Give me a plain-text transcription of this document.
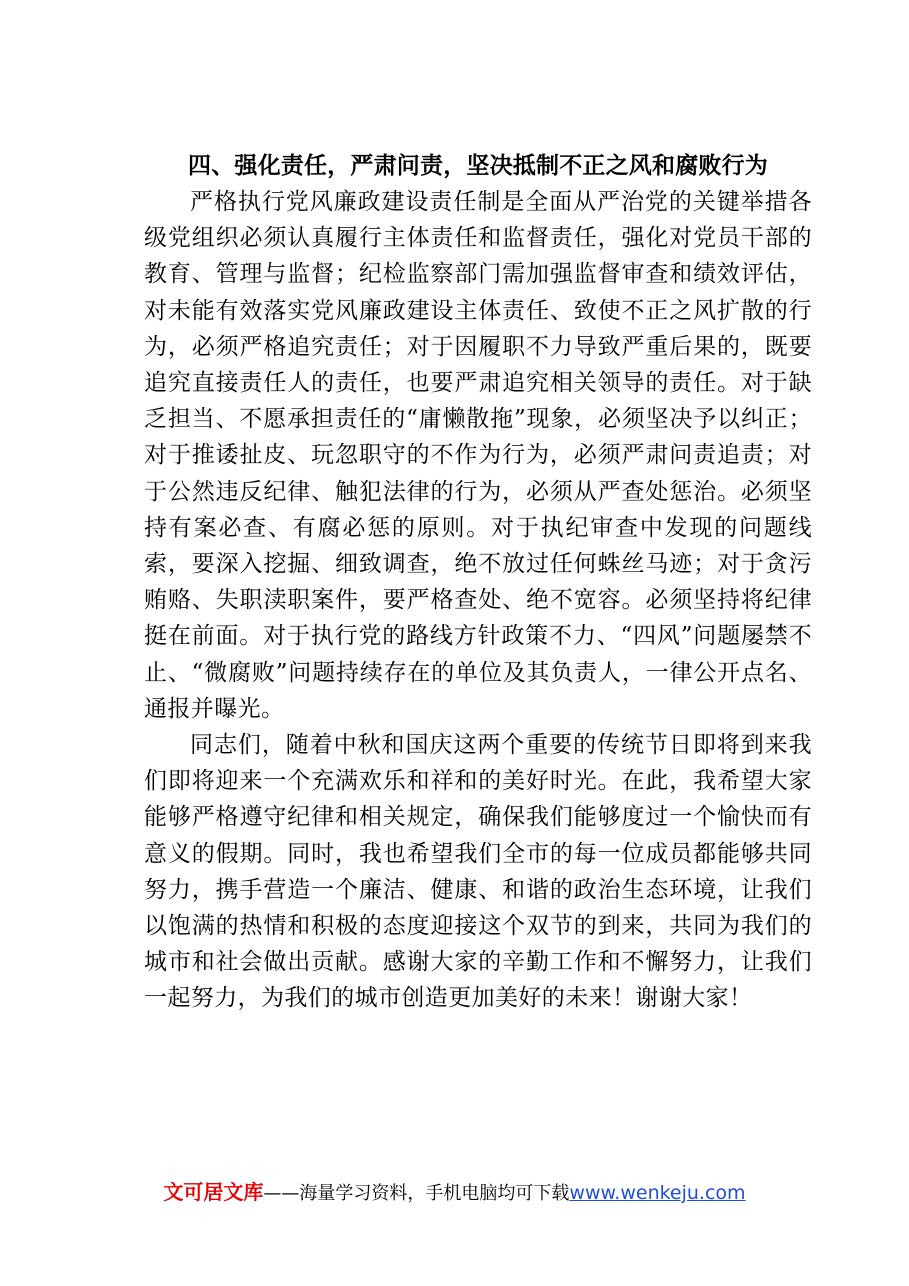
四、强化责任，严肃问责，坚决抵制不正之风和腐败行为

严格执行党风廉政建设责任制是全面从严治党的关键举措各级党组织必须认真履行主体责任和监督责任，强化对党员干部的教育、管理与监督；纪检监察部门需加强监督审查和绩效评估，对未能有效落实党风廉政建设主体责任、致使不正之风扩散的行为，必须严格追究责任；对于因履职不力导致严重后果的，既要追究直接责任人的责任，也要严肃追究相关领导的责任。对于缺乏担当、不愿承担责任的“庸懒散拖”现象，必须坚决予以纠正；对于推诿扯皮、玩忽职守的不作为行为，必须严肃问责追责；对于公然违反纪律、触犯法律的行为，必须从严查处惩治。必须坚持有案必查、有腐必惩的原则。对于执纪审查中发现的问题线索，要深入挖掘、细致调查，绝不放过任何蛛丝马迹；对于贪污贿赂、失职渎职案件，要严格查处、绝不宽容。必须坚持将纪律挺在前面。对于执行党的路线方针政策不力、“四风”问题屡禁不止、“微腐败”问题持续存在的单位及其负责人，一律公开点名、通报并曝光。

同志们，随着中秋和国庆这两个重要的传统节日即将到来我们即将迎来一个充满欢乐和祥和的美好时光。在此，我希望大家能够严格遵守纪律和相关规定，确保我们能够度过一个愉快而有意义的假期。同时，我也希望我们全市的每一位成员都能够共同努力，携手营造一个廉洁、健康、和谐的政治生态环境，让我们以饱满的热情和积极的态度迎接这个双节的到来，共同为我们的城市和社会做出贡献。感谢大家的辛勤工作和不懈努力，让我们一起努力，为我们的城市创造更加美好的未来！谢谢大家！

文可居文库——海量学习资料，手机电脑均可下载www.wenkeju.com
